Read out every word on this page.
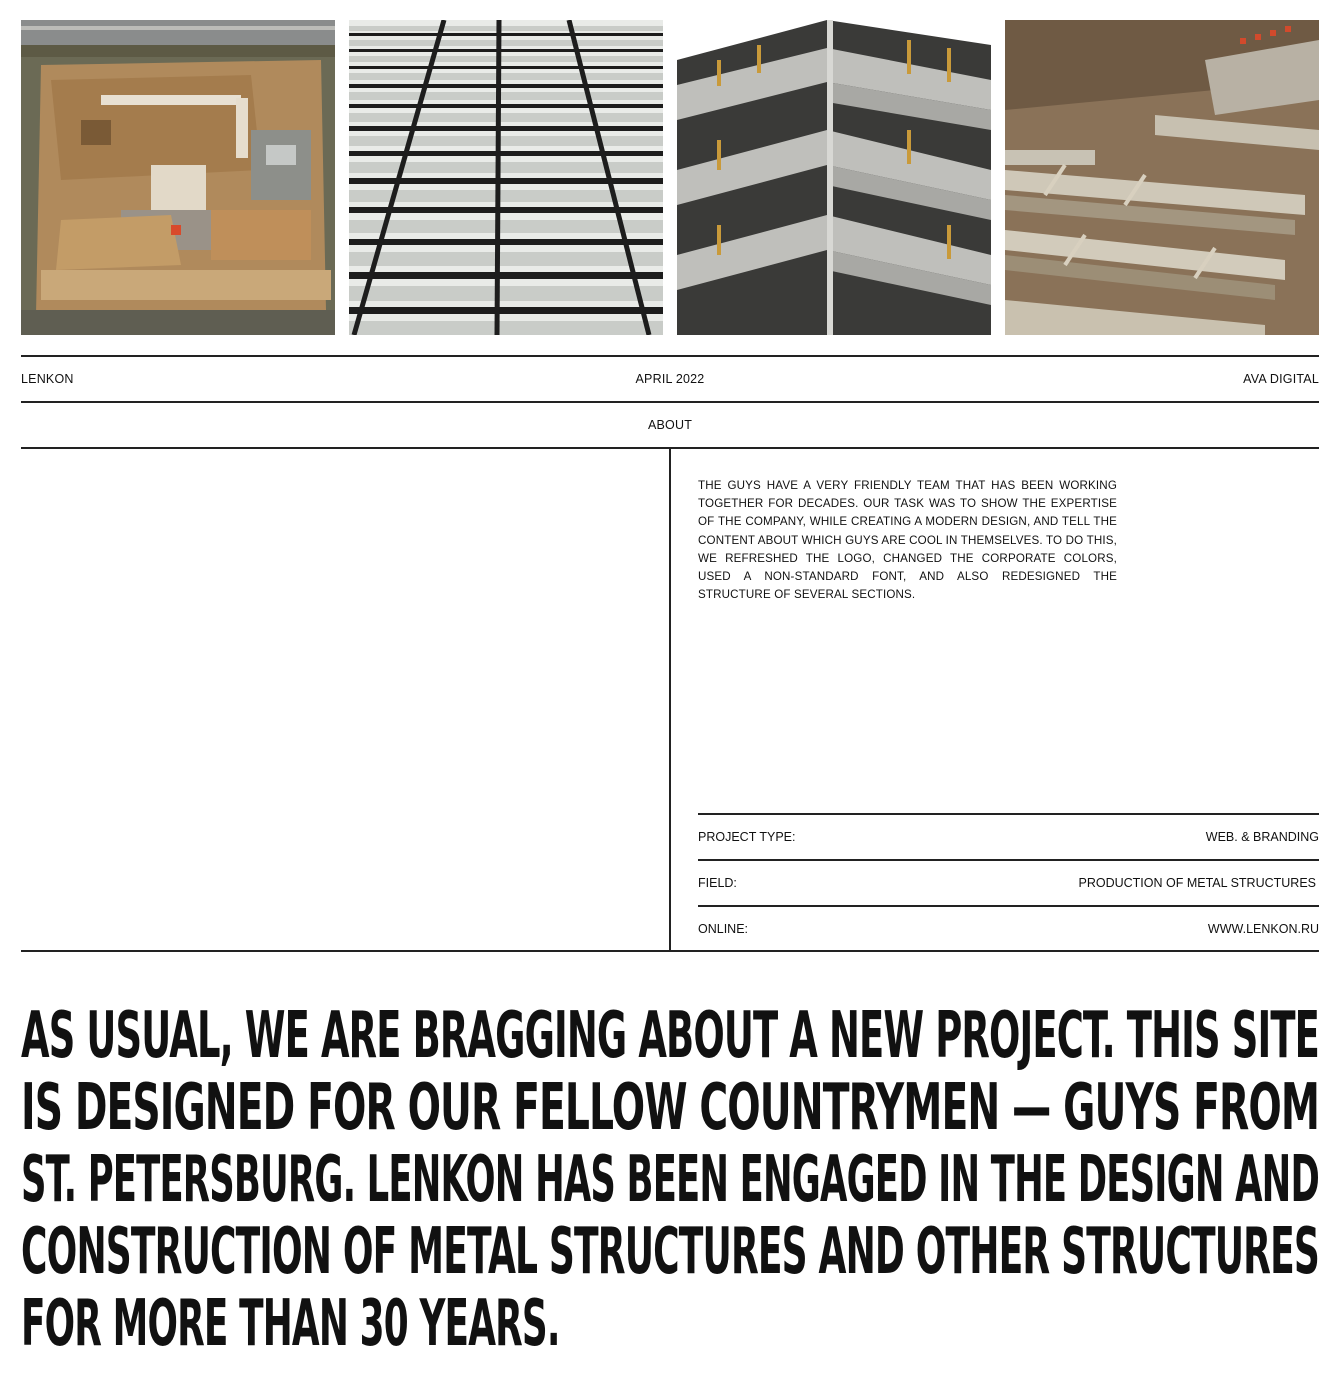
LENKON	APRIL 2022	AVA DIGITAL
ABOUT

THE GUYS HAVE A VERY FRIENDLY TEAM THAT HAS BEEN WORKING TOGETHER FOR DECADES. OUR TASK WAS TO SHOW THE EXPERTISE OF THE COMPANY, WHILE CREATING A MODERN DESIGN, AND TELL THE CONTENT ABOUT WHICH GUYS ARE COOL IN THEMSELVES. TO DO THIS, WE REFRESHED THE LOGO, CHANGED THE CORPORATE COLORS, USED A NON-STANDARD FONT, AND ALSO REDESIGNED THE STRUCTURE OF SEVERAL SECTIONS.

PROJECT TYPE:	WEB. & BRANDING
FIELD:	PRODUCTION OF METAL STRUCTURES
ONLINE:	WWW.LENKON.RU
AS USUAL, WE ARE BRAGGING ABOUT A NEW PROJECT. THIS SITE
IS DESIGNED FOR OUR FELLOW COUNTRYMEN — GUYS FROM
ST. PETERSBURG. LENKON HAS BEEN ENGAGED IN THE DESIGN AND
CONSTRUCTION OF METAL STRUCTURES AND OTHER STRUCTURES
FOR MORE THAN 30 YEARS.
